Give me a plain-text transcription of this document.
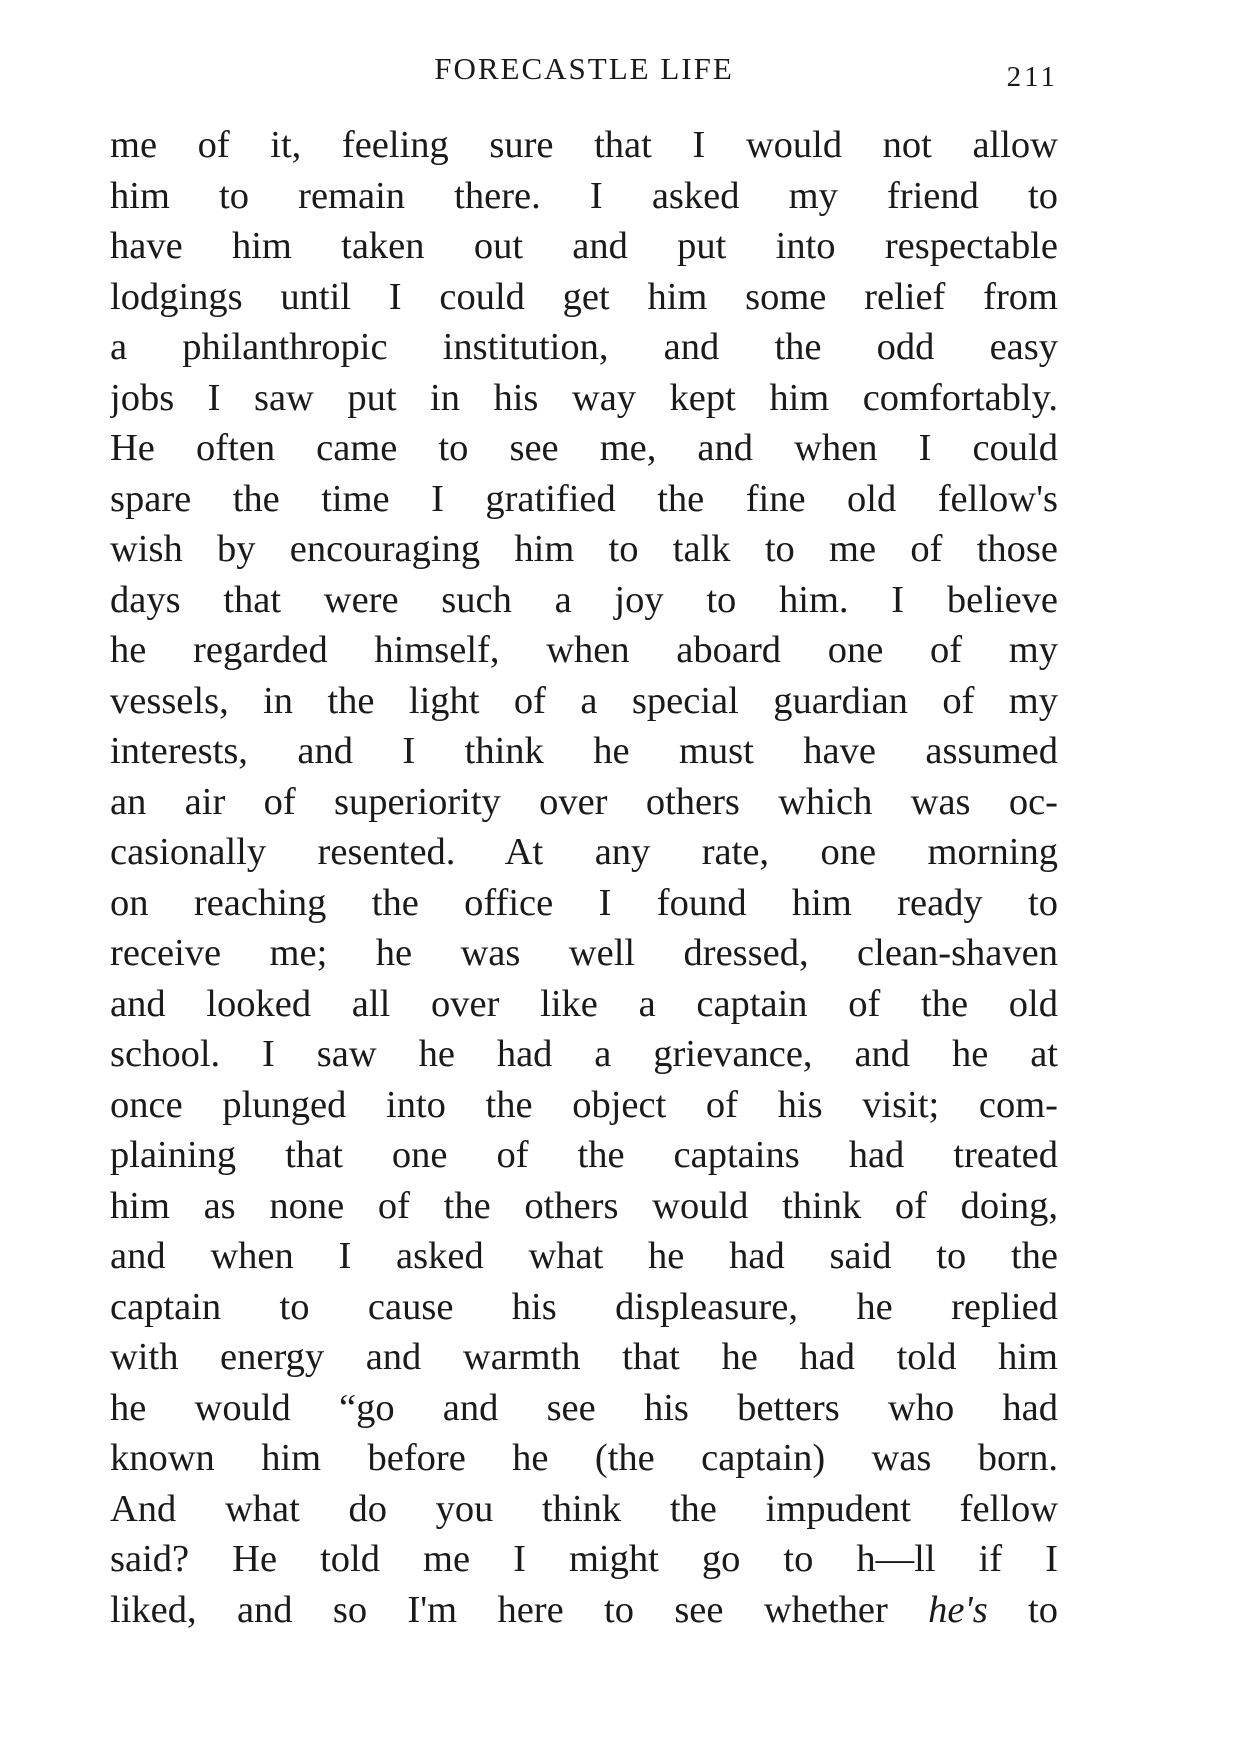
FORECASTLE LIFE	211
me of it, feeling sure that I would not allow
him to remain there. I asked my friend to
have him taken out and put into respectable
lodgings until I could get him some relief from
a philanthropic institution, and the odd easy
jobs I saw put in his way kept him comfortably.
He often came to see me, and when I could
spare the time I gratified the fine old fellow's
wish by encouraging him to talk to me of those
days that were such a joy to him. I believe
he regarded himself, when aboard one of my
vessels, in the light of a special guardian of my
interests, and I think he must have assumed
an air of superiority over others which was oc-
casionally resented. At any rate, one morning
on reaching the office I found him ready to
receive me; he was well dressed, clean-shaven
and looked all over like a captain of the old
school. I saw he had a grievance, and he at
once plunged into the object of his visit; com-
plaining that one of the captains had treated
him as none of the others would think of doing,
and when I asked what he had said to the
captain to cause his displeasure, he replied
with energy and warmth that he had told him
he would “go and see his betters who had
known him before he (the captain) was born.
And what do you think the impudent fellow
said? He told me I might go to h—ll if I
liked, and so I'm here to see whether he's to
